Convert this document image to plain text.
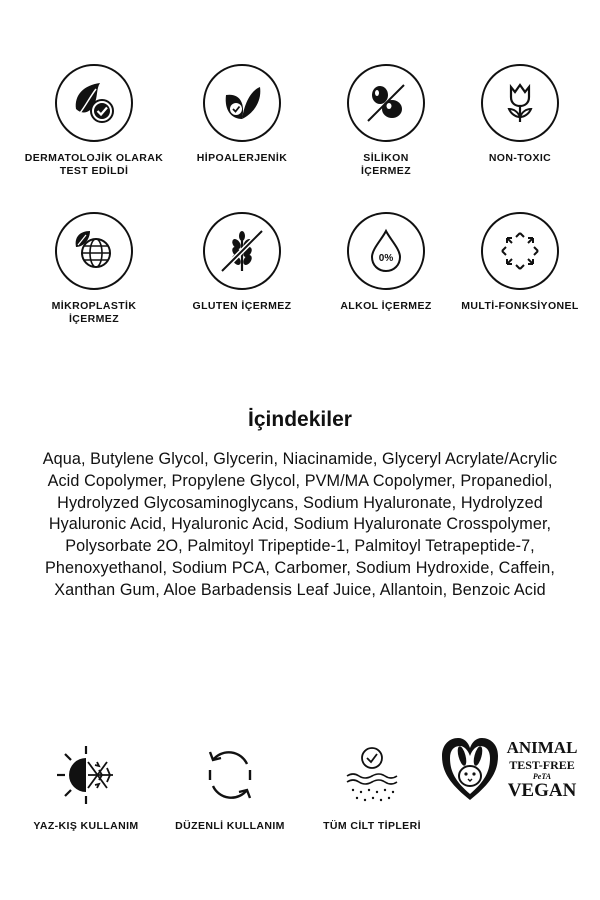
DERMATOLOJİK OLARAK
TEST EDİLDİ
HİPOALERJENİK	SİLİKON
İÇERMEZ
NON-TOXIC
MİKROPLASTİK
İÇERMEZ
GLUTEN İÇERMEZ
0%
ALKOL İÇERMEZ	MULTİ-FONKSİYONEL
İçindekiler
Aqua, Butylene Glycol, Glycerin, Niacinamide, Glyceryl Acrylate/Acrylic Acid Copolymer, Propylene Glycol, PVM/MA Copolymer, Propanediol, Hydrolyzed Glycosaminoglycans, Sodium Hyaluronate, Hydrolyzed Hyaluronic Acid, Hyaluronic Acid, Sodium Hyaluronate Crosspolymer, Polysorbate 2O, Palmitoyl Tripeptide-1, Palmitoyl Tetrapeptide-7, Phenoxyethanol, Sodium PCA, Carbomer, Sodium Hydroxide, Caffein, Xanthan Gum, Aloe Barbadensis Leaf Juice, Allantoin, Benzoic Acid
YAZ-KIŞ KULLANIM	DÜZENLİ KULLANIM	TÜM CİLT TİPLERİ
ANIMAL
TEST-FREE
PeTA
VEGAN
